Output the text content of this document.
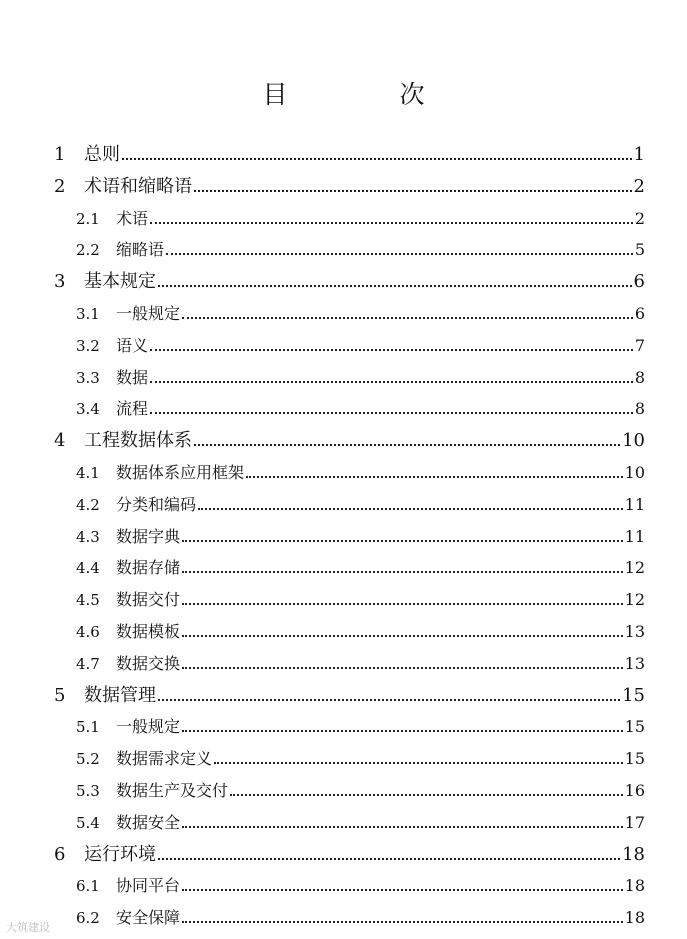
目 次
1	总则	1
2	术语和缩略语	2
2.1	术语	2
2.2	缩略语	5
3	基本规定	6
3.1	一般规定	6
3.2	语义	7
3.3	数据	8
3.4	流程	8
4	工程数据体系	10
4.1	数据体系应用框架	10
4.2	分类和编码	11
4.3	数据字典	11
4.4	数据存储	12
4.5	数据交付	12
4.6	数据模板	13
4.7	数据交换	13
5	数据管理	15
5.1	一般规定	15
5.2	数据需求定义	15
5.3	数据生产及交付	16
5.4	数据安全	17
6	运行环境	18
6.1	协同平台	18
6.2	安全保障	18
大筑建设
